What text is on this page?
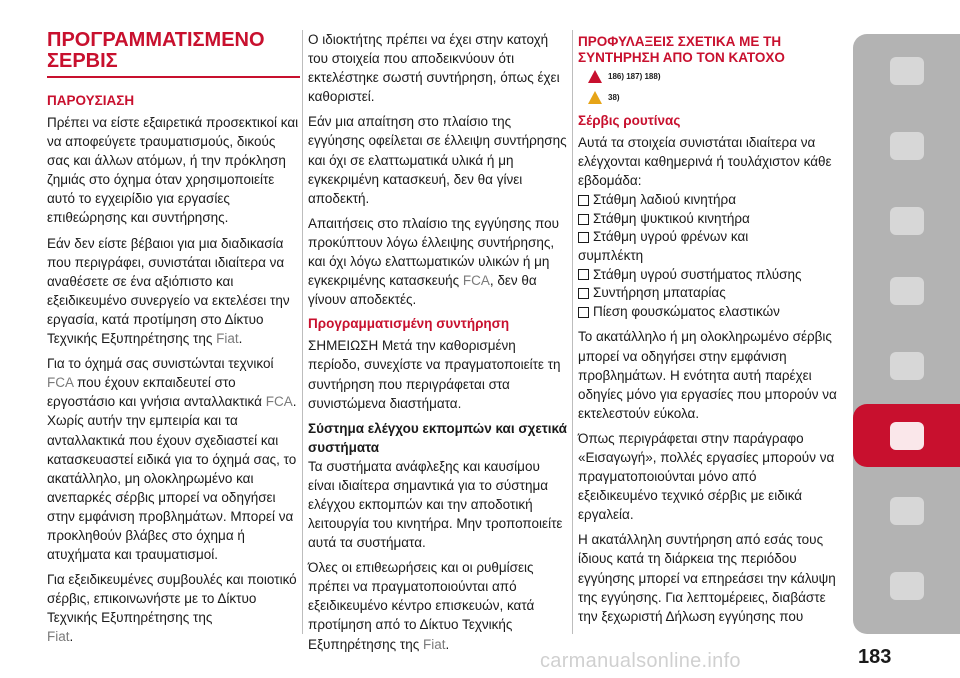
ΠΡΟΓΡΑΜΜΑΤΙΣΜΕΝΟ ΣΕΡΒΙΣ
ΠΑΡΟΥΣΙΑΣΗ

Πρέπει να είστε εξαιρετικά προσεκτικοί και να αποφεύγετε τραυματισμούς, δικούς σας και άλλων ατόμων, ή την πρόκληση ζημιάς στο όχημα όταν χρησιμοποιείτε αυτό το εγχειρίδιο για εργασίες επιθεώρησης και συντήρησης.

Εάν δεν είστε βέβαιοι για μια διαδικασία που περιγράφει, συνιστάται ιδιαίτερα να αναθέσετε σε ένα αξιόπιστο και εξειδικευμένο συνεργείο να εκτελέσει την εργασία, κατά προτίμηση στο Δίκτυο Τεχνικής Εξυπηρέτησης της Fiat.

Για το όχημά σας συνιστώνται τεχνικοί
FCA που έχουν εκπαιδευτεί στο εργοστάσιο και γνήσια ανταλλακτικά FCA. Χωρίς αυτήν την εμπειρία και τα ανταλλακτικά που έχουν σχεδιαστεί και κατασκευαστεί ειδικά για το όχημά σας, το ακατάλληλο, μη ολοκληρωμένο και ανεπαρκές σέρβις μπορεί να οδηγήσει στην εμφάνιση προβλημάτων. Μπορεί να προκληθούν βλάβες στο όχημα ή ατυχήματα και τραυματισμοί.

Για εξειδικευμένες συμβουλές και ποιοτικό σέρβις, επικοινωνήστε με το Δίκτυο Τεχνικής Εξυπηρέτησης της
Fiat.

Ο ιδιοκτήτης πρέπει να έχει στην κατοχή του στοιχεία που αποδεικνύουν ότι εκτελέστηκε σωστή συντήρηση, όπως έχει καθοριστεί.

Εάν μια απαίτηση στο πλαίσιο της εγγύησης οφείλεται σε έλλειψη συντήρησης και όχι σε ελαττωματικά υλικά ή μη εγκεκριμένη κατασκευή, δεν θα γίνει αποδεκτή.

Απαιτήσεις στο πλαίσιο της εγγύησης που προκύπτουν λόγω έλλειψης συντήρησης, και όχι λόγω ελαττωματικών υλικών ή μη εγκεκριμένης κατασκευής FCA, δεν θα γίνουν αποδεκτές.

Προγραμματισμένη συντήρηση

ΣΗΜΕΙΩΣΗ Μετά την καθορισμένη περίοδο, συνεχίστε να πραγματοποιείτε τη συντήρηση που περιγράφεται στα συνιστώμενα διαστήματα.

Σύστημα ελέγχου εκπομπών και σχετικά συστήματα

Τα συστήματα ανάφλεξης και καυσίμου είναι ιδιαίτερα σημαντικά για το σύστημα ελέγχου εκπομπών και την αποδοτική λειτουργία του κινητήρα. Μην τροποποιείτε αυτά τα συστήματα.

Όλες οι επιθεωρήσεις και οι ρυθμίσεις πρέπει να πραγματοποιούνται από εξειδικευμένο κέντρο επισκευών, κατά προτίμηση από το Δίκτυο Τεχνικής Εξυπηρέτησης της Fiat.

ΠΡΟΦΥΛΑΞΕΙΣ ΣΧΕΤΙΚΑ ΜΕ ΤΗ ΣΥΝΤΗΡΗΣΗ ΑΠΟ ΤΟΝ ΚΑΤΟΧΟ
186) 187) 188)
38)
Σέρβις ρουτίνας

Αυτά τα στοιχεία συνιστάται ιδιαίτερα να ελέγχονται καθημερινά ή τουλάχιστον κάθε εβδομάδα:

Στάθμη λαδιού κινητήρα
Στάθμη ψυκτικού κινητήρα
Στάθμη υγρού φρένων και
συμπλέκτη
Στάθμη υγρού συστήματος πλύσης
Συντήρηση μπαταρίας
Πίεση φουσκώματος ελαστικών

Το ακατάλληλο ή μη ολοκληρωμένο σέρβις μπορεί να οδηγήσει στην εμφάνιση προβλημάτων. Η ενότητα αυτή παρέχει οδηγίες μόνο για εργασίες που μπορούν να εκτελεστούν εύκολα.

Όπως περιγράφεται στην παράγραφο «Εισαγωγή», πολλές εργασίες μπορούν να πραγματοποιούνται μόνο από εξειδικευμένο τεχνικό σέρβις με ειδικά εργαλεία.

Η ακατάλληλη συντήρηση από εσάς τους ίδιους κατά τη διάρκεια της περιόδου εγγύησης μπορεί να επηρεάσει την κάλυψη της εγγύησης. Για λεπτομέρειες, διαβάστε την ξεχωριστή Δήλωση εγγύησης που

carmanualsonline.info	183
